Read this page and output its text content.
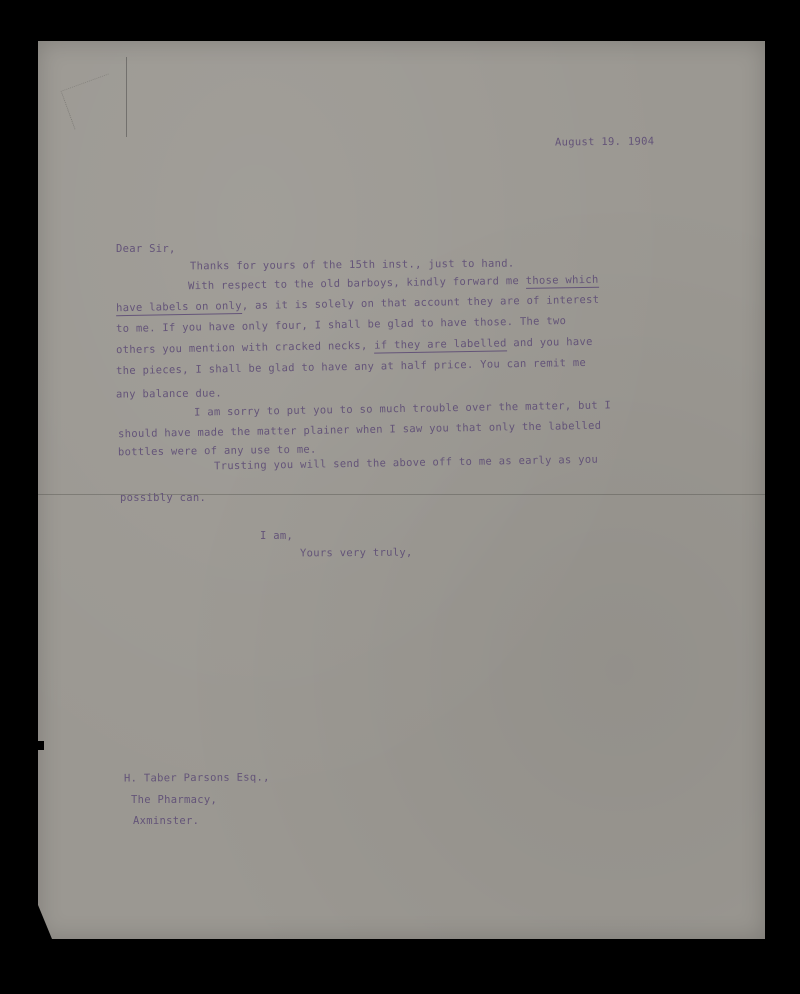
August 19. 1904

Dear Sir,

Thanks for yours of the 15th inst., just to hand.

With respect to the old barboys, kindly forward me those which

have labels on only, as it is solely on that account they are of interest

to me. If you have only four, I shall be glad to have those. The two

others you mention with cracked necks, if they are labelled and you have

the pieces, I shall be glad to have any at half price. You can remit me

any balance due.

I am sorry to put you to so much trouble over the matter, but I

should have made the matter plainer when I saw you that only the labelled

bottles were of any use to me.

Trusting you will send the above off to me as early as you

possibly can.

I am,

Yours very truly,

H. Taber Parsons Esq.,

The Pharmacy,

Axminster.
